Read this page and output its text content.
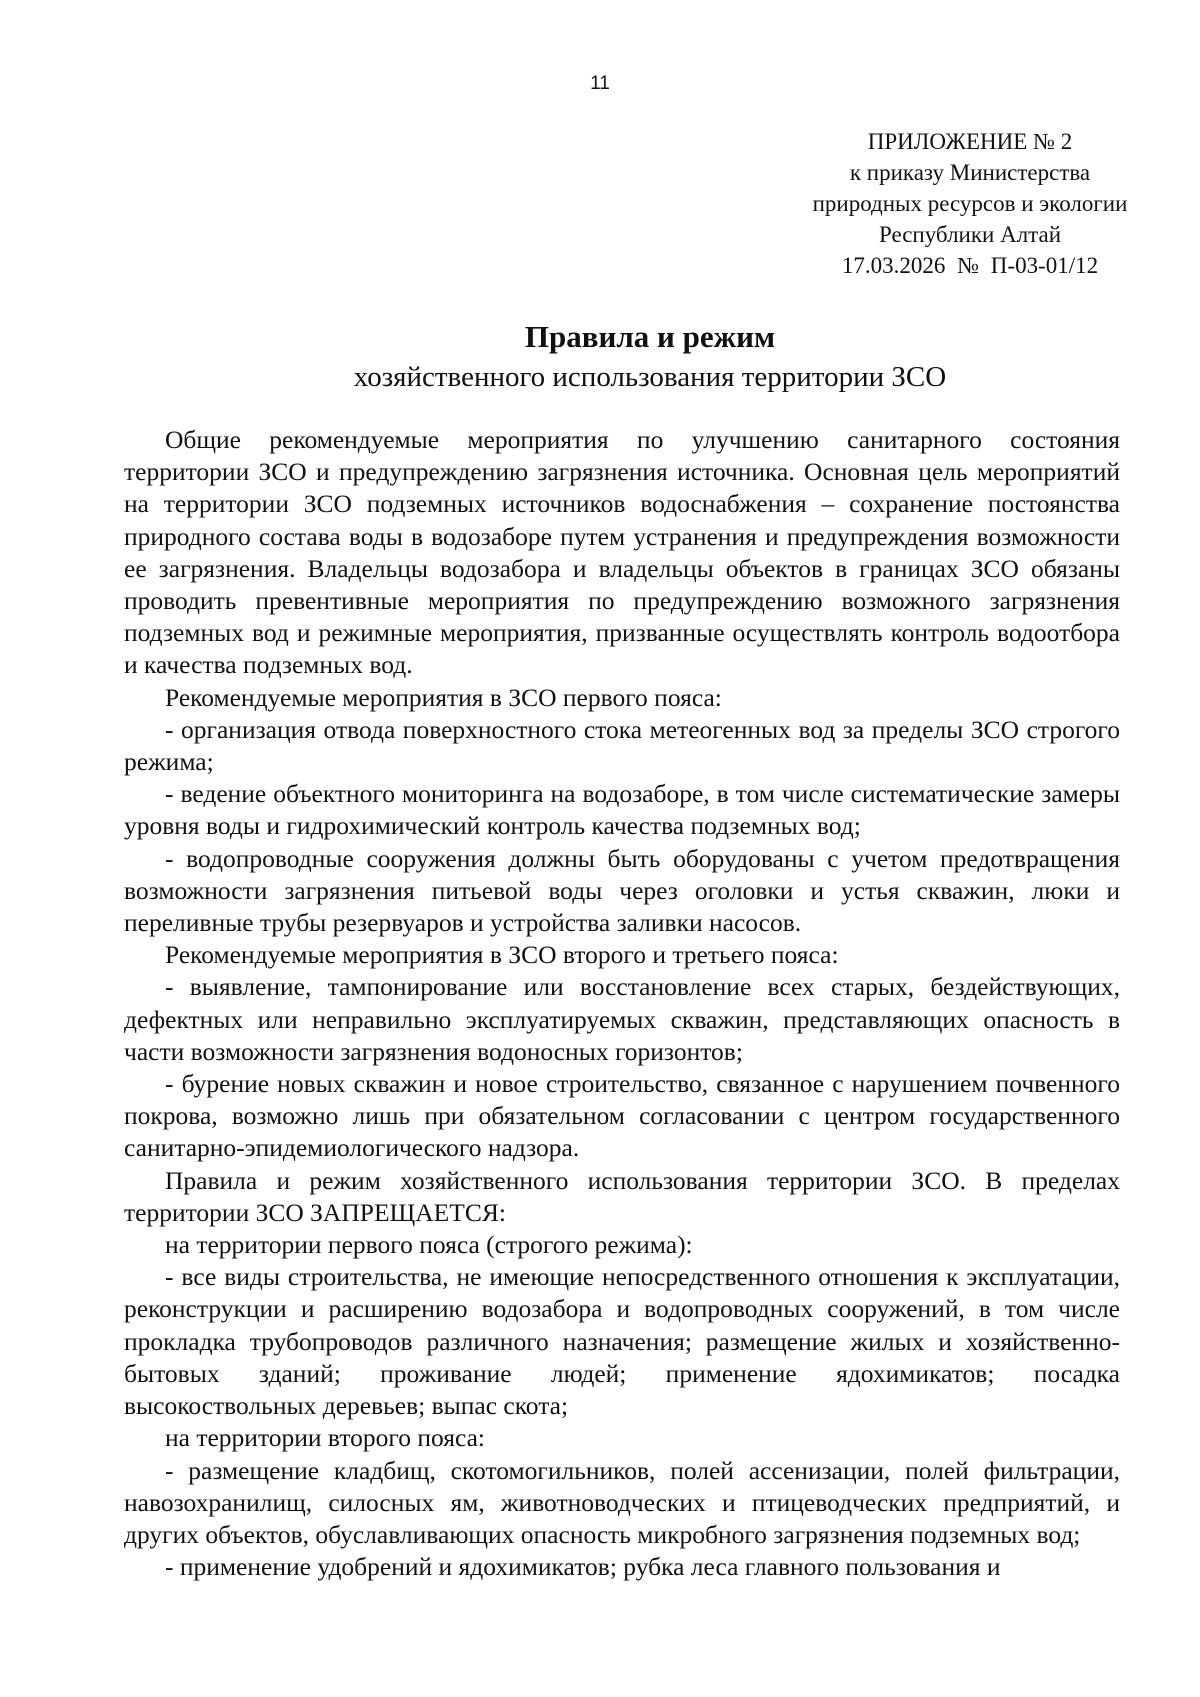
11
ПРИЛОЖЕНИЕ № 2
к приказу Министерства
природных ресурсов и экологии
Республики Алтай
17.03.2026 № П-03-01/12
Правила и режим
хозяйственного использования территории ЗСО

Общие рекомендуемые мероприятия по улучшению санитарного состояния территории ЗСО и предупреждению загрязнения источника. Основная цель мероприятий на территории ЗСО подземных источников водоснабжения – сохранение постоянства природного состава воды в водозаборе путем устранения и предупреждения возможности ее загрязнения. Владельцы водозабора и владельцы объектов в границах ЗСО обязаны проводить превентивные мероприятия по предупреждению возможного загрязнения подземных вод и режимные мероприятия, призванные осуществлять контроль водоотбора и качества подземных вод.

Рекомендуемые мероприятия в ЗСО первого пояса:

- организация отвода поверхностного стока метеогенных вод за пределы ЗСО строгого режима;

- ведение объектного мониторинга на водозаборе, в том числе систематические замеры уровня воды и гидрохимический контроль качества подземных вод;

- водопроводные сооружения должны быть оборудованы с учетом предотвращения возможности загрязнения питьевой воды через оголовки и устья скважин, люки и переливные трубы резервуаров и устройства заливки насосов.

Рекомендуемые мероприятия в ЗСО второго и третьего пояса:

- выявление, тампонирование или восстановление всех старых, бездействующих, дефектных или неправильно эксплуатируемых скважин, представляющих опасность в части возможности загрязнения водоносных горизонтов;

- бурение новых скважин и новое строительство, связанное с нарушением почвенного покрова, возможно лишь при обязательном согласовании с центром государственного санитарно-эпидемиологического надзора.

Правила и режим хозяйственного использования территории ЗСО. В пределах территории ЗСО ЗАПРЕЩАЕТСЯ:

на территории первого пояса (строгого режима):

- все виды строительства, не имеющие непосредственного отношения к эксплуатации, реконструкции и расширению водозабора и водопроводных сооружений, в том числе прокладка трубопроводов различного назначения; размещение жилых и хозяйственно-бытовых зданий; проживание людей; применение ядохимикатов; посадка высокоствольных деревьев; выпас скота;

на территории второго пояса:

- размещение кладбищ, скотомогильников, полей ассенизации, полей фильтрации, навозохранилищ, силосных ям, животноводческих и птицеводческих предприятий, и других объектов, обуславливающих опасность микробного загрязнения подземных вод;

- применение удобрений и ядохимикатов; рубка леса главного пользования и
